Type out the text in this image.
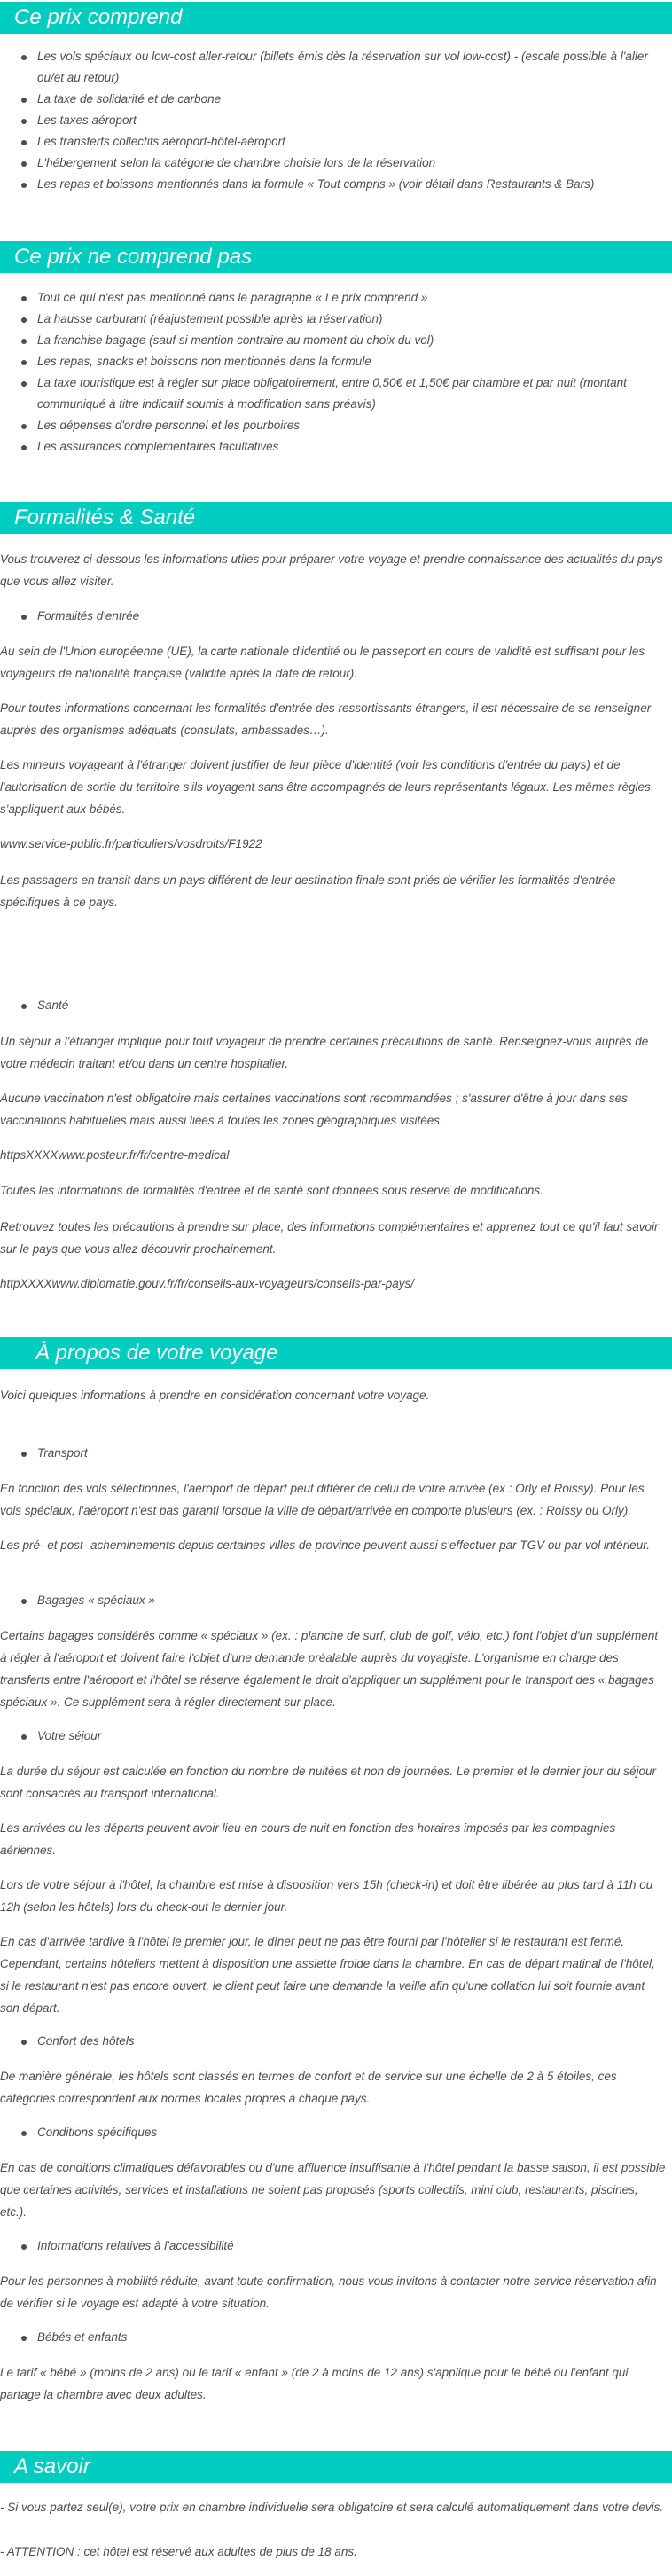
Ce prix comprend
Les vols spéciaux ou low-cost aller-retour (billets émis dès la réservation sur vol low-cost) - (escale possible à l'aller ou/et au retour)
La taxe de solidarité et de carbone
Les taxes aéroport
Les transferts collectifs aéroport-hôtel-aéroport
L'hébergement selon la catégorie de chambre choisie lors de la réservation
Les repas et boissons mentionnés dans la formule « Tout compris » (voir détail dans Restaurants & Bars)
Ce prix ne comprend pas
Tout ce qui n'est pas mentionné dans le paragraphe « Le prix comprend »
La hausse carburant (réajustement possible après la réservation)
La franchise bagage (sauf si mention contraire au moment du choix du vol)
Les repas, snacks et boissons non mentionnés dans la formule
La taxe touristique est à régler sur place obligatoirement, entre 0,50€ et 1,50€ par chambre et par nuit (montant communiqué à titre indicatif soumis à modification sans préavis)
Les dépenses d'ordre personnel et les pourboires
Les assurances complémentaires facultatives
Formalités & Santé

Vous trouverez ci-dessous les informations utiles pour préparer votre voyage et prendre connaissance des actualités du pays que vous allez visiter.

Formalités d'entrée

Au sein de l'Union européenne (UE), la carte nationale d'identité ou le passeport en cours de validité est suffisant pour les voyageurs de nationalité française (validité après la date de retour).

Pour toutes informations concernant les formalités d'entrée des ressortissants étrangers, il est nécessaire de se renseigner auprès des organismes adéquats (consulats, ambassades…).

Les mineurs voyageant à l'étranger doivent justifier de leur pièce d'identité (voir les conditions d'entrée du pays) et de l'autorisation de sortie du territoire s'ils voyagent sans être accompagnés de leurs représentants légaux. Les mêmes règles s'appliquent aux bébés.

www.service-public.fr/particuliers/vosdroits/F1922

Les passagers en transit dans un pays différent de leur destination finale sont priés de vérifier les formalités d'entrée spécifiques à ce pays.

Santé

Un séjour à l'étranger implique pour tout voyageur de prendre certaines précautions de santé. Renseignez-vous auprès de votre médecin traitant et/ou dans un centre hospitalier.

Aucune vaccination n'est obligatoire mais certaines vaccinations sont recommandées ; s'assurer d'être à jour dans ses vaccinations habituelles mais aussi liées à toutes les zones géographiques visitées.

httpsXXXXwww.posteur.fr/fr/centre-medical

Toutes les informations de formalités d'entrée et de santé sont données sous réserve de modifications.

Retrouvez toutes les précautions à prendre sur place, des informations complémentaires et apprenez tout ce qu'il faut savoir sur le pays que vous allez découvrir prochainement.

httpXXXXwww.diplomatie.gouv.fr/fr/conseils-aux-voyageurs/conseils-par-pays/

À propos de votre voyage

Voici quelques informations à prendre en considération concernant votre voyage.

Transport

En fonction des vols sélectionnés, l'aéroport de départ peut différer de celui de votre arrivée (ex : Orly et Roissy). Pour les vols spéciaux, l'aéroport n'est pas garanti lorsque la ville de départ/arrivée en comporte plusieurs (ex. : Roissy ou Orly).

Les pré- et post- acheminements depuis certaines villes de province peuvent aussi s'effectuer par TGV ou par vol intérieur.

Bagages « spéciaux »

Certains bagages considérés comme « spéciaux » (ex. : planche de surf, club de golf, vélo, etc.) font l'objet d'un supplément à régler à l'aéroport et doivent faire l'objet d'une demande préalable auprès du voyagiste. L'organisme en charge des transferts entre l'aéroport et l'hôtel se réserve également le droit d'appliquer un supplément pour le transport des « bagages spéciaux ». Ce supplément sera à régler directement sur place.

Votre séjour

La durée du séjour est calculée en fonction du nombre de nuitées et non de journées. Le premier et le dernier jour du séjour sont consacrés au transport international.

Les arrivées ou les départs peuvent avoir lieu en cours de nuit en fonction des horaires imposés par les compagnies aériennes.

Lors de votre séjour à l'hôtel, la chambre est mise à disposition vers 15h (check-in) et doit être libérée au plus tard à 11h ou 12h (selon les hôtels) lors du check-out le dernier jour.

En cas d'arrivée tardive à l'hôtel le premier jour, le dîner peut ne pas être fourni par l'hôtelier si le restaurant est fermé. Cependant, certains hôteliers mettent à disposition une assiette froide dans la chambre. En cas de départ matinal de l'hôtel, si le restaurant n'est pas encore ouvert, le client peut faire une demande la veille afin qu'une collation lui soit fournie avant son départ.

Confort des hôtels

De manière générale, les hôtels sont classés en termes de confort et de service sur une échelle de 2 à 5 étoiles, ces catégories correspondent aux normes locales propres à chaque pays.

Conditions spécifiques

En cas de conditions climatiques défavorables ou d'une affluence insuffisante à l'hôtel pendant la basse saison, il est possible que certaines activités, services et installations ne soient pas proposés (sports collectifs, mini club, restaurants, piscines, etc.).

Informations relatives à l'accessibilité

Pour les personnes à mobilité réduite, avant toute confirmation, nous vous invitons à contacter notre service réservation afin de vérifier si le voyage est adapté à votre situation.

Bébés et enfants

Le tarif « bébé » (moins de 2 ans) ou le tarif « enfant » (de 2 à moins de 12 ans) s'applique pour le bébé ou l'enfant qui partage la chambre avec deux adultes.

A savoir

- Si vous partez seul(e), votre prix en chambre individuelle sera obligatoire et sera calculé automatiquement dans votre devis.

- ATTENTION : cet hôtel est réservé aux adultes de plus de 18 ans.
